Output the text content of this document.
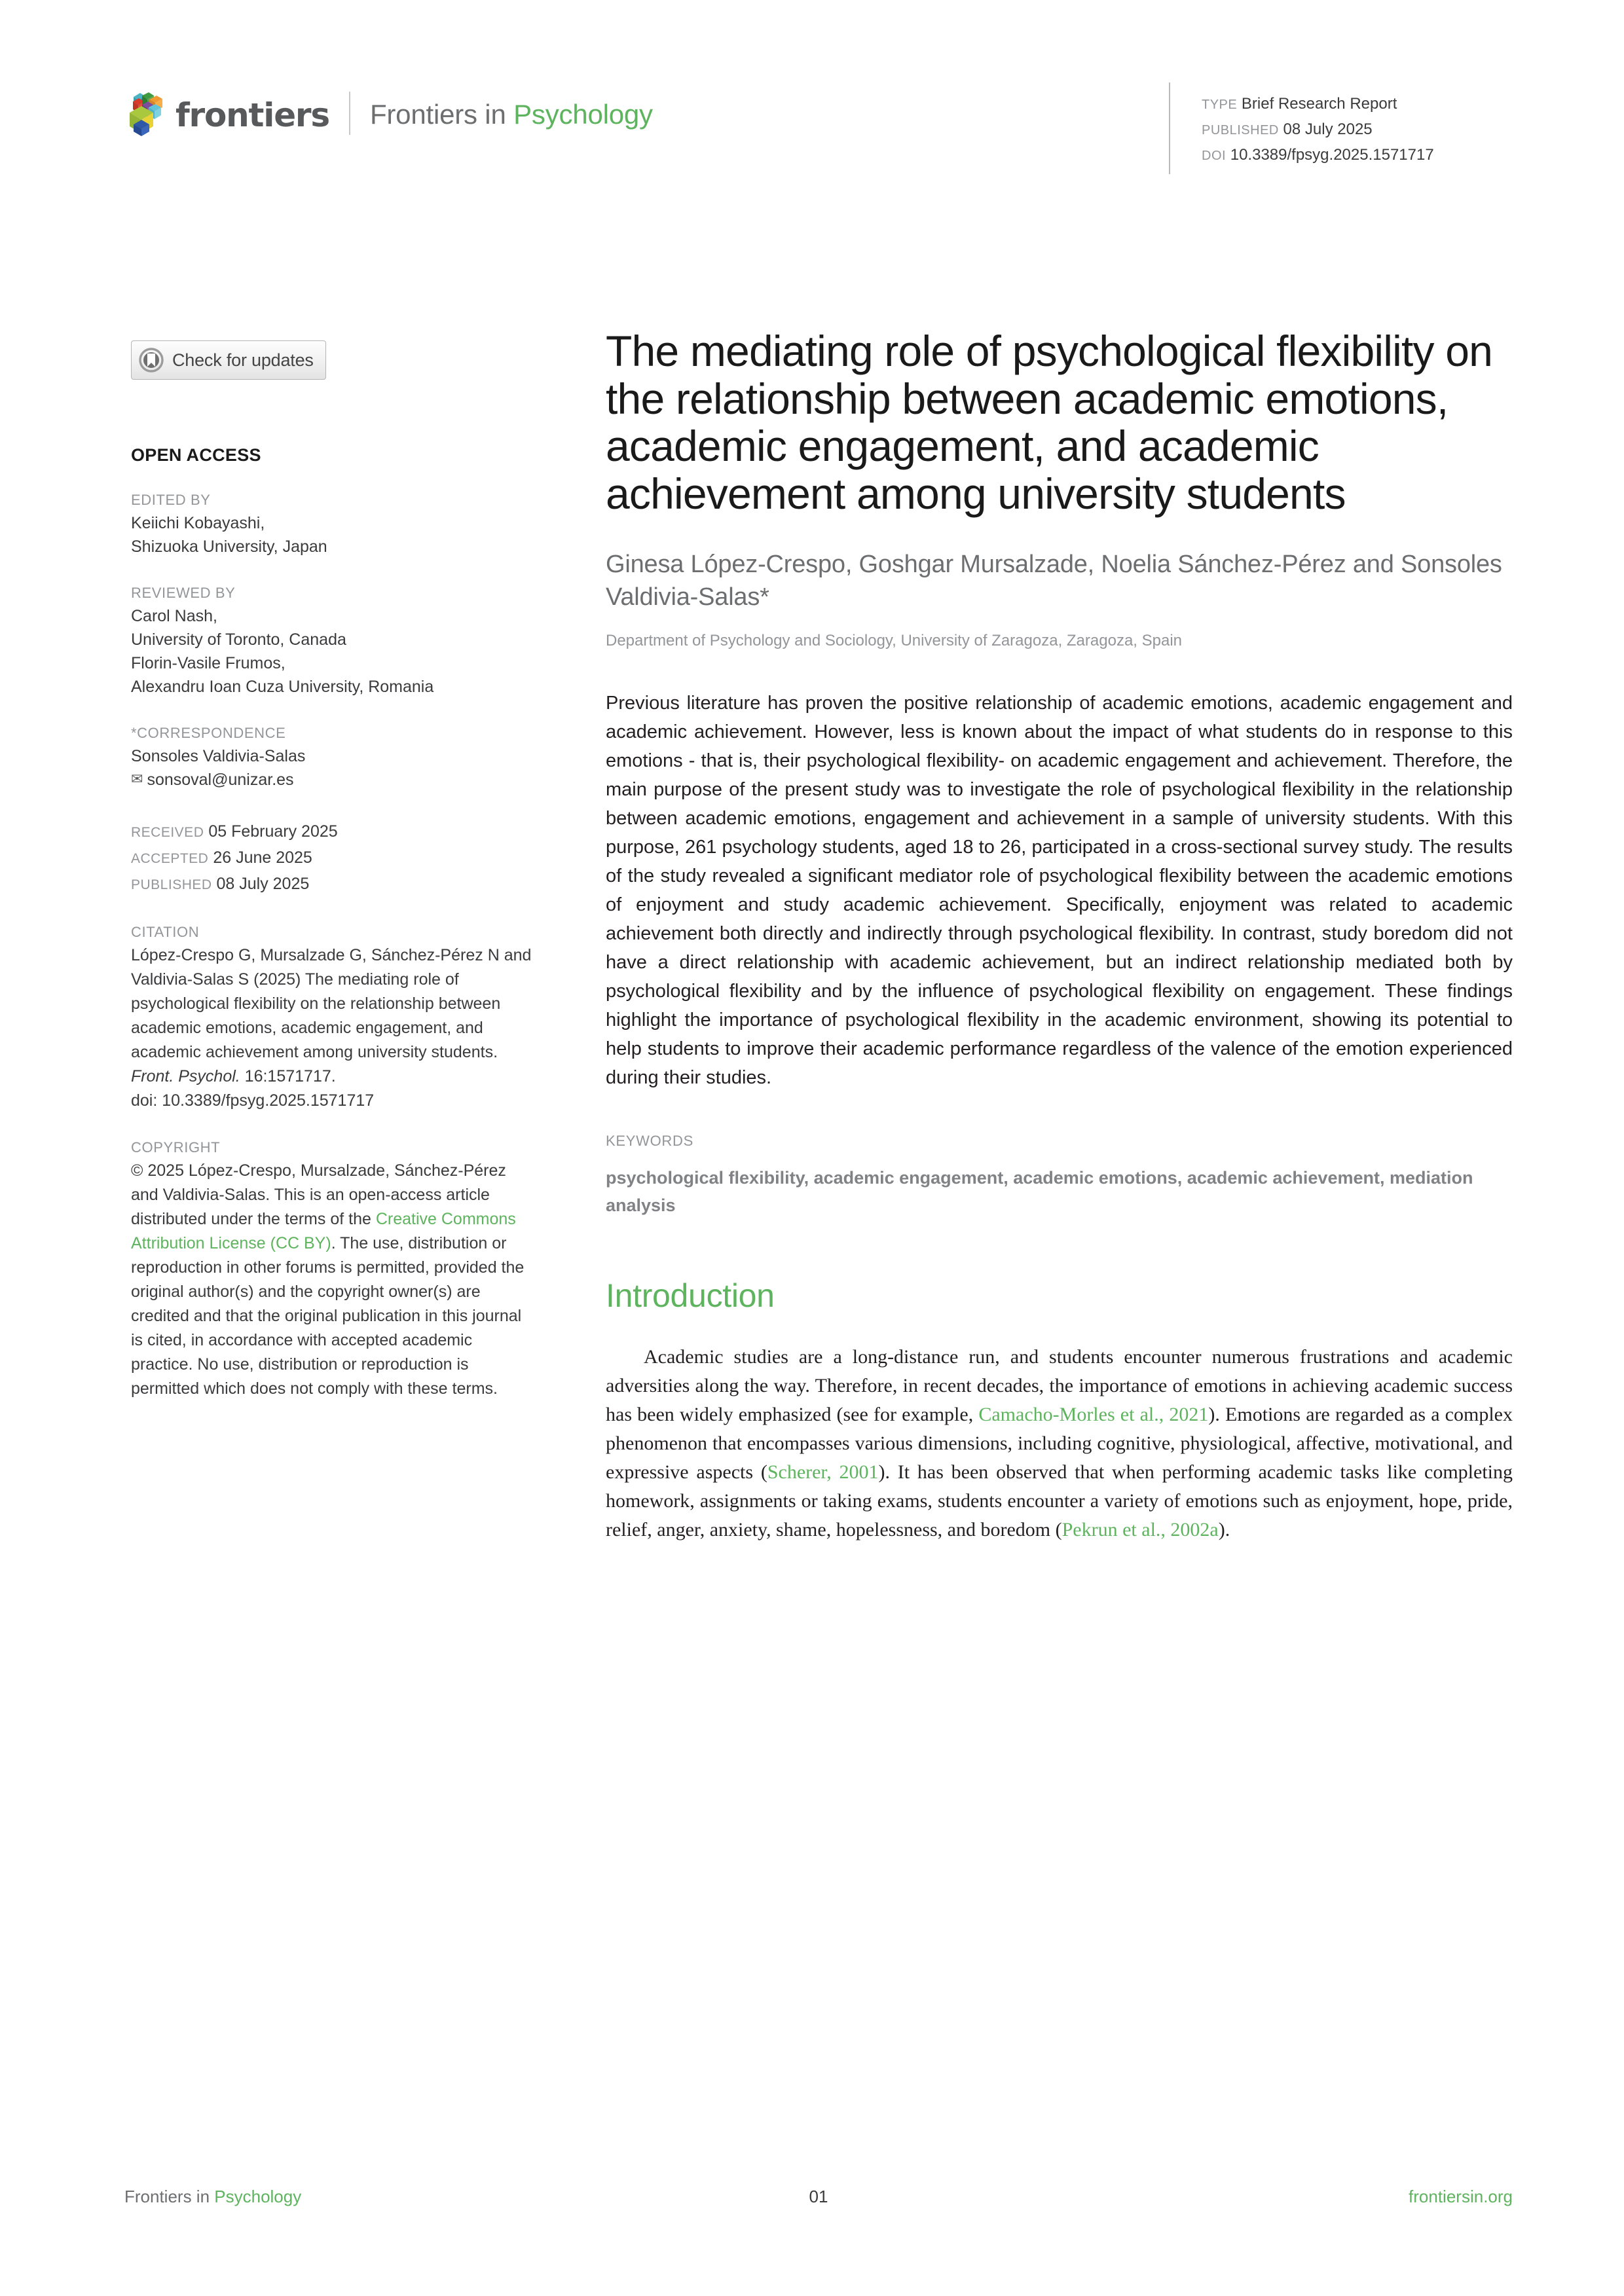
frontiers Frontiers in Psychology	TYPE Brief Research Report
PUBLISHED 08 July 2025
DOI 10.3389/fpsyg.2025.1571717
Check for updates
OPEN ACCESS
EDITED BY
Keiichi Kobayashi,
Shizuoka University, Japan
REVIEWED BY
Carol Nash,
University of Toronto, Canada
Florin-Vasile Frumos,
Alexandru Ioan Cuza University, Romania
*CORRESPONDENCE
Sonsoles Valdivia-Salas
✉ sonsoval@unizar.es
RECEIVED 05 February 2025
ACCEPTED 26 June 2025
PUBLISHED 08 July 2025
CITATION
López-Crespo G, Mursalzade G, Sánchez-Pérez N and Valdivia-Salas S (2025) The mediating role of psychological flexibility on the relationship between academic emotions, academic engagement, and academic achievement among university students.
Front. Psychol. 16:1571717.
doi: 10.3389/fpsyg.2025.1571717
COPYRIGHT
© 2025 López-Crespo, Mursalzade, Sánchez-Pérez and Valdivia-Salas. This is an open-access article distributed under the terms of the Creative Commons Attribution License (CC BY). The use, distribution or reproduction in other forums is permitted, provided the original author(s) and the copyright owner(s) are credited and that the original publication in this journal is cited, in accordance with accepted academic practice. No use, distribution or reproduction is permitted which does not comply with these terms.
The mediating role of psychological flexibility on the relationship between academic emotions, academic engagement, and academic achievement among university students
Ginesa López-Crespo, Goshgar Mursalzade, Noelia Sánchez-Pérez and Sonsoles Valdivia-Salas*
Department of Psychology and Sociology, University of Zaragoza, Zaragoza, Spain
Previous literature has proven the positive relationship of academic emotions, academic engagement and academic achievement. However, less is known about the impact of what students do in response to this emotions - that is, their psychological flexibility- on academic engagement and achievement. Therefore, the main purpose of the present study was to investigate the role of psychological flexibility in the relationship between academic emotions, engagement and achievement in a sample of university students. With this purpose, 261 psychology students, aged 18 to 26, participated in a cross-sectional survey study. The results of the study revealed a significant mediator role of psychological flexibility between the academic emotions of enjoyment and study academic achievement. Specifically, enjoyment was related to academic achievement both directly and indirectly through psychological flexibility. In contrast, study boredom did not have a direct relationship with academic achievement, but an indirect relationship mediated both by psychological flexibility and by the influence of psychological flexibility on engagement. These findings highlight the importance of psychological flexibility in the academic environment, showing its potential to help students to improve their academic performance regardless of the valence of the emotion experienced during their studies.
KEYWORDS
psychological flexibility, academic engagement, academic emotions, academic achievement, mediation analysis
Introduction

Academic studies are a long-distance run, and students encounter numerous frustrations and academic adversities along the way. Therefore, in recent decades, the importance of emotions in achieving academic success has been widely emphasized (see for example, Camacho-Morles et al., 2021). Emotions are regarded as a complex phenomenon that encompasses various dimensions, including cognitive, physiological, affective, motivational, and expressive aspects (Scherer, 2001). It has been observed that when performing academic tasks like completing homework, assignments or taking exams, students encounter a variety of emotions such as enjoyment, hope, pride, relief, anger, anxiety, shame, hopelessness, and boredom (Pekrun et al., 2002a).

Frontiers in Psychology	01	frontiersin.org
